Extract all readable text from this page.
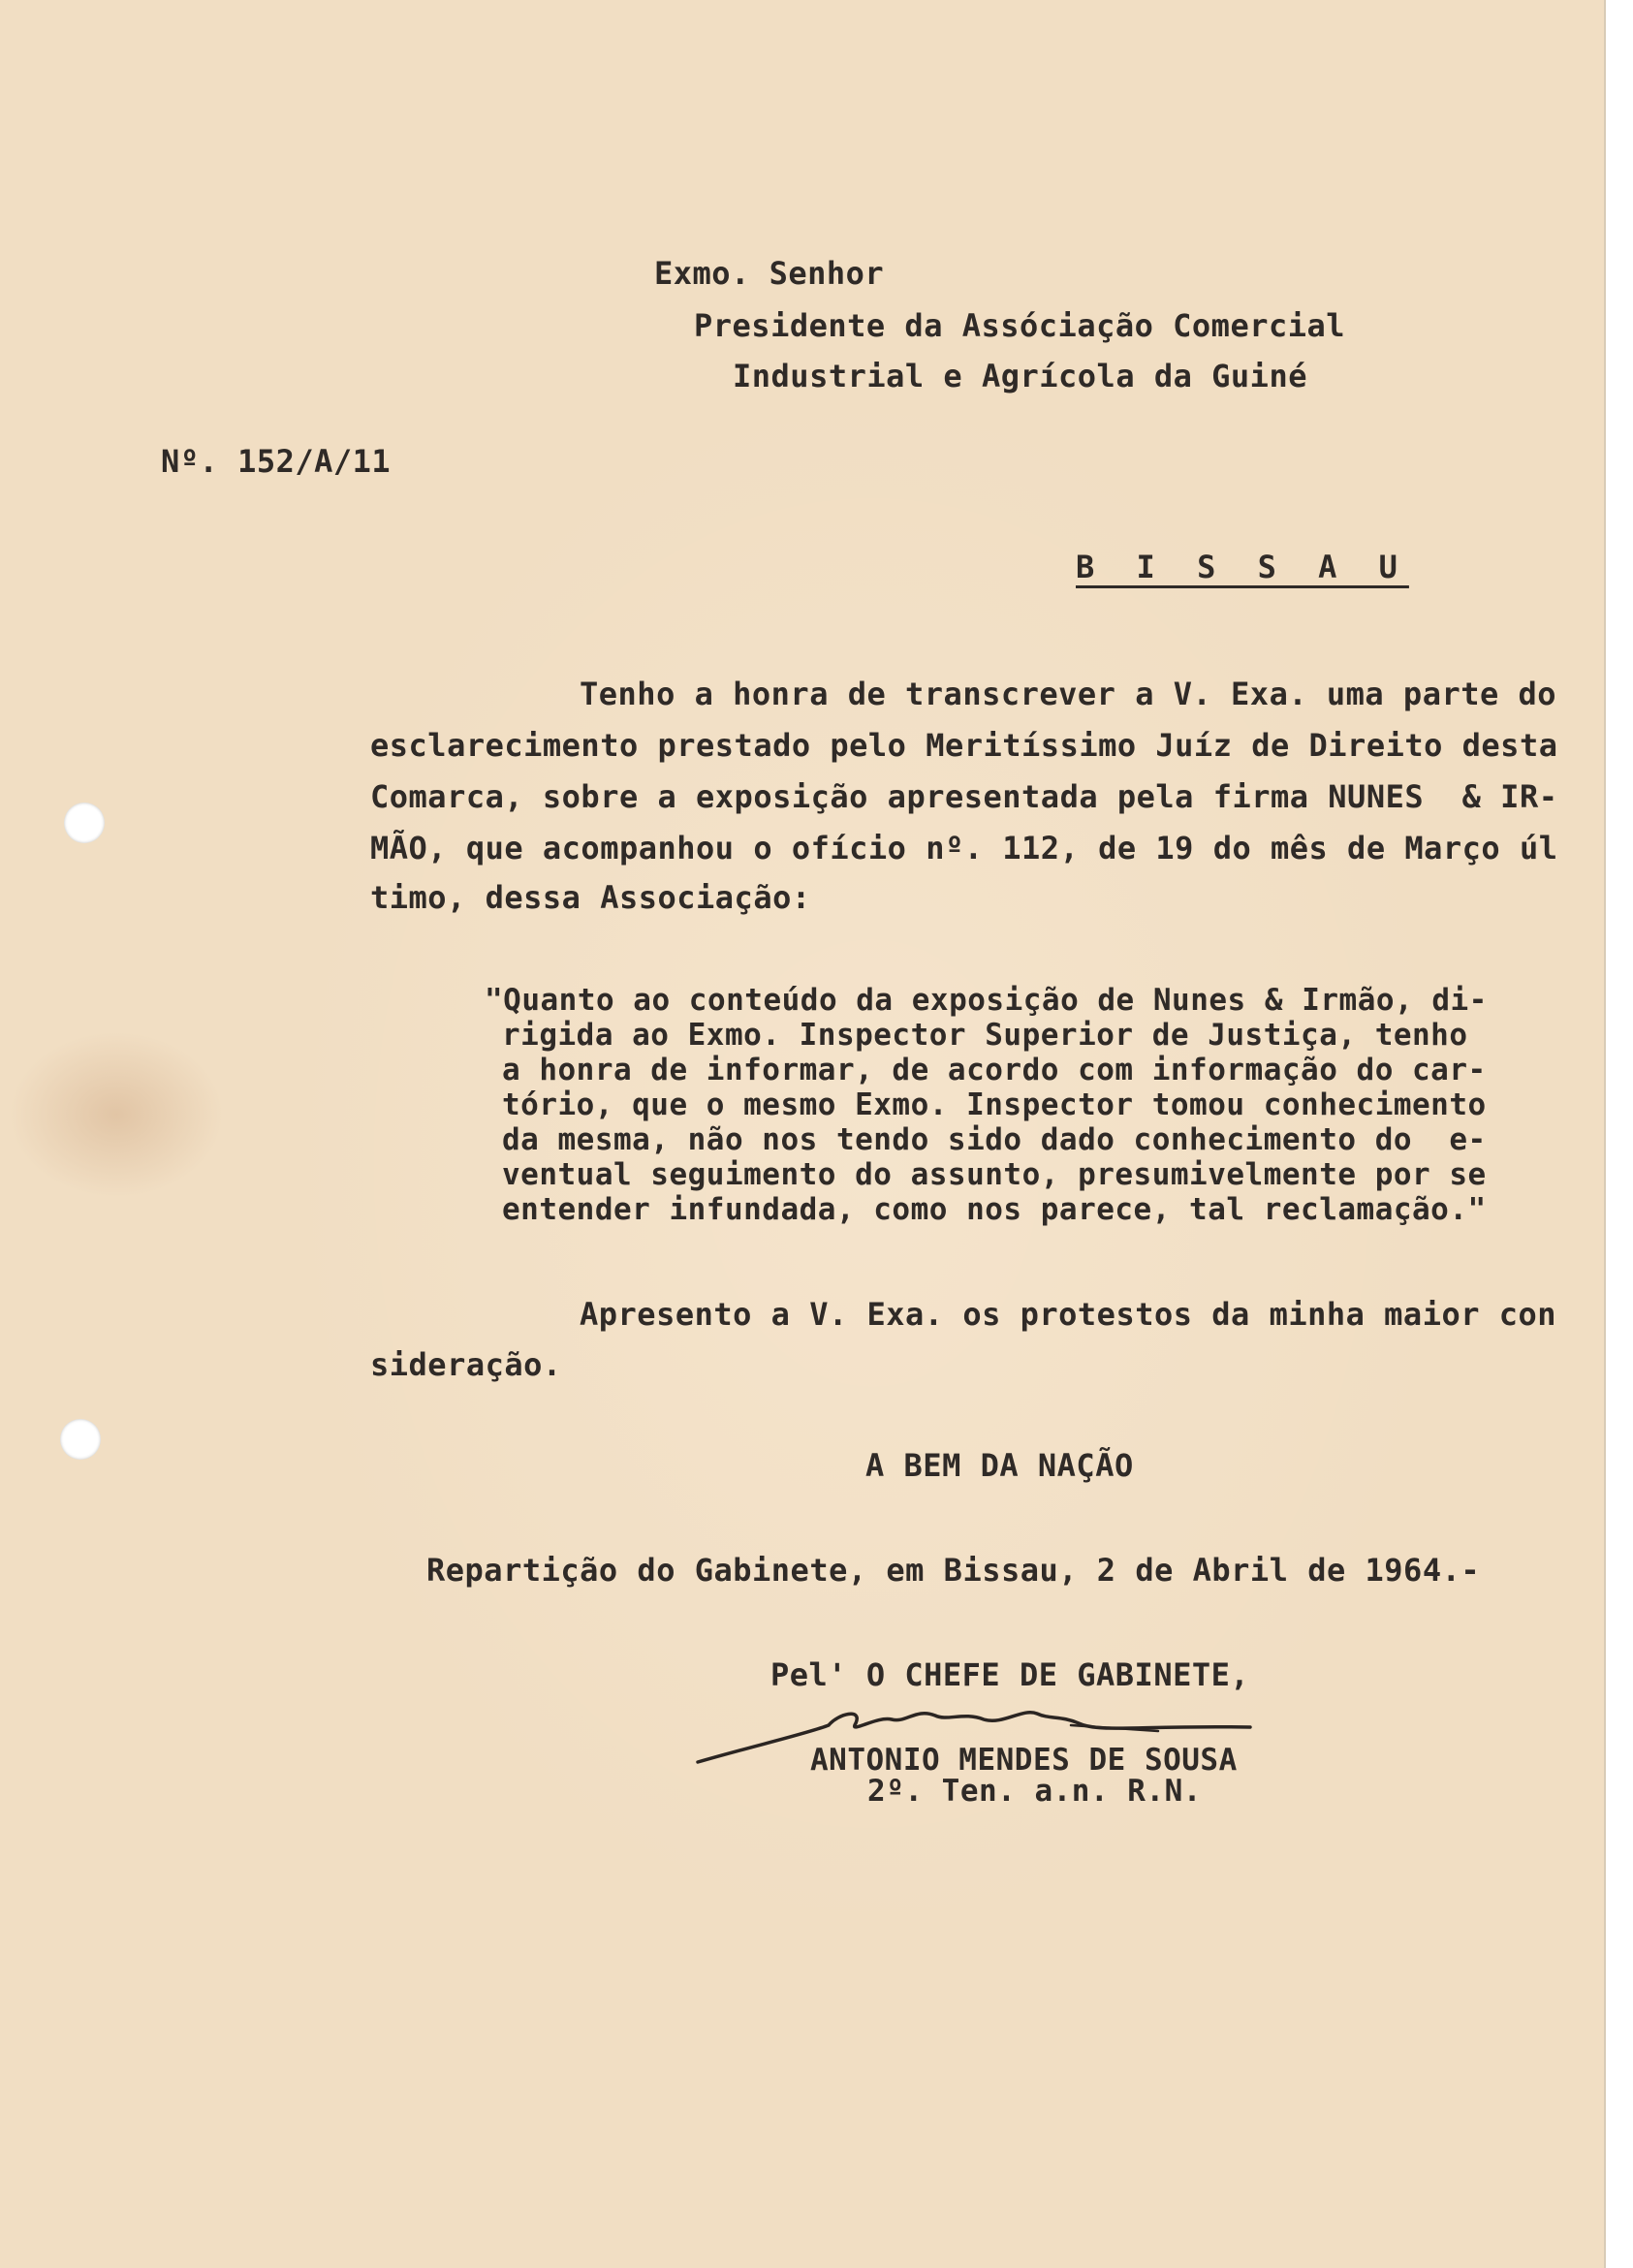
Exmo. Senhor
Presidente da Assóciação Comercial
Industrial e Agrícola da Guiné
Nº. 152/A/11
B I S S A U
Tenho a honra de transcrever a V. Exa. uma parte do
esclarecimento prestado pelo Meritíssimo Juíz de Direito desta
Comarca, sobre a exposição apresentada pela firma NUNES  & IR-
MÃO, que acompanhou o ofício nº. 112, de 19 do mês de Março úl
timo, dessa Associação:
"Quanto ao conteúdo da exposição de Nunes & Irmão, di-
rigida ao Exmo. Inspector Superior de Justiça, tenho
a honra de informar, de acordo com informação do car-
tório, que o mesmo Exmo. Inspector tomou conhecimento
da mesma, não nos tendo sido dado conhecimento do  e-
ventual seguimento do assunto, presumivelmente por se
entender infundada, como nos parece, tal reclamação."
Apresento a V. Exa. os protestos da minha maior con
sideração.
A BEM DA NAÇÃO
Repartição do Gabinete, em Bissau, 2 de Abril de 1964.-
Pel' O CHEFE DE GABINETE,
ANTONIO MENDES DE SOUSA
2º. Ten. a.n. R.N.
